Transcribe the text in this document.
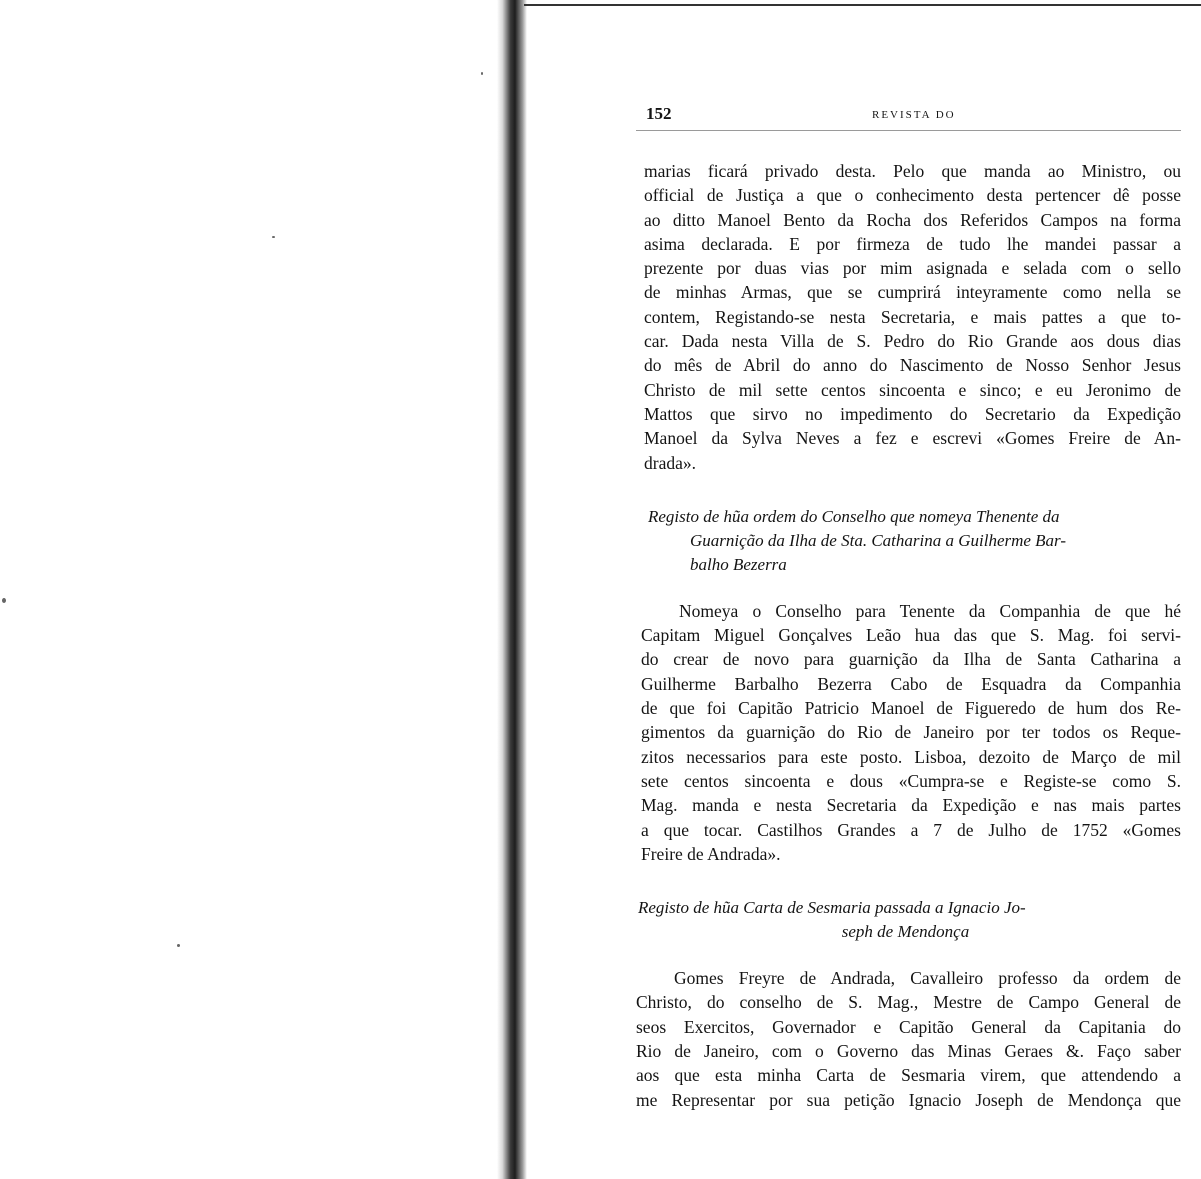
152	REVISTA DO
marias ficará privado desta. Pelo que manda ao Ministro, ou
official de Justiça a que o conhecimento desta pertencer dê posse
ao ditto Manoel Bento da Rocha dos Referidos Campos na forma
asima declarada. E por firmeza de tudo lhe mandei passar a
prezente por duas vias por mim asignada e selada com o sello
de minhas Armas, que se cumprirá inteyramente como nella se
contem, Registando-se nesta Secretaria, e mais pattes a que to-
car. Dada nesta Villa de S. Pedro do Rio Grande aos dous dias
do mês de Abril do anno do Nascimento de Nosso Senhor Jesus
Christo de mil sette centos sincoenta e sinco; e eu Jeronimo de
Mattos que sirvo no impedimento do Secretario da Expedição
Manoel da Sylva Neves a fez e escrevi «Gomes Freire de An-
drada».
Registo de hũa ordem do Conselho que nomeya Thenente da
Guarnição da Ilha de Sta. Catharina a Guilherme Bar-
balho Bezerra
Nomeya o Conselho para Tenente da Companhia de que hé
Capitam Miguel Gonçalves Leão hua das que S. Mag. foi servi-
do crear de novo para guarnição da Ilha de Santa Catharina a
Guilherme Barbalho Bezerra Cabo de Esquadra da Companhia
de que foi Capitão Patricio Manoel de Figueredo de hum dos Re-
gimentos da guarnição do Rio de Janeiro por ter todos os Reque-
zitos necessarios para este posto. Lisboa, dezoito de Março de mil
sete centos sincoenta e dous «Cumpra-se e Registe-se como S.
Mag. manda e nesta Secretaria da Expedição e nas mais partes
a que tocar. Castilhos Grandes a 7 de Julho de 1752 «Gomes
Freire de Andrada».
Registo de hũa Carta de Sesmaria passada a Ignacio Jo-
seph de Mendonça
Gomes Freyre de Andrada, Cavalleiro professo da ordem de
Christo, do conselho de S. Mag., Mestre de Campo General de
seos Exercitos, Governador e Capitão General da Capitania do
Rio de Janeiro, com o Governo das Minas Geraes &. Faço saber
aos que esta minha Carta de Sesmaria virem, que attendendo a
me Representar por sua petição Ignacio Joseph de Mendonça que
